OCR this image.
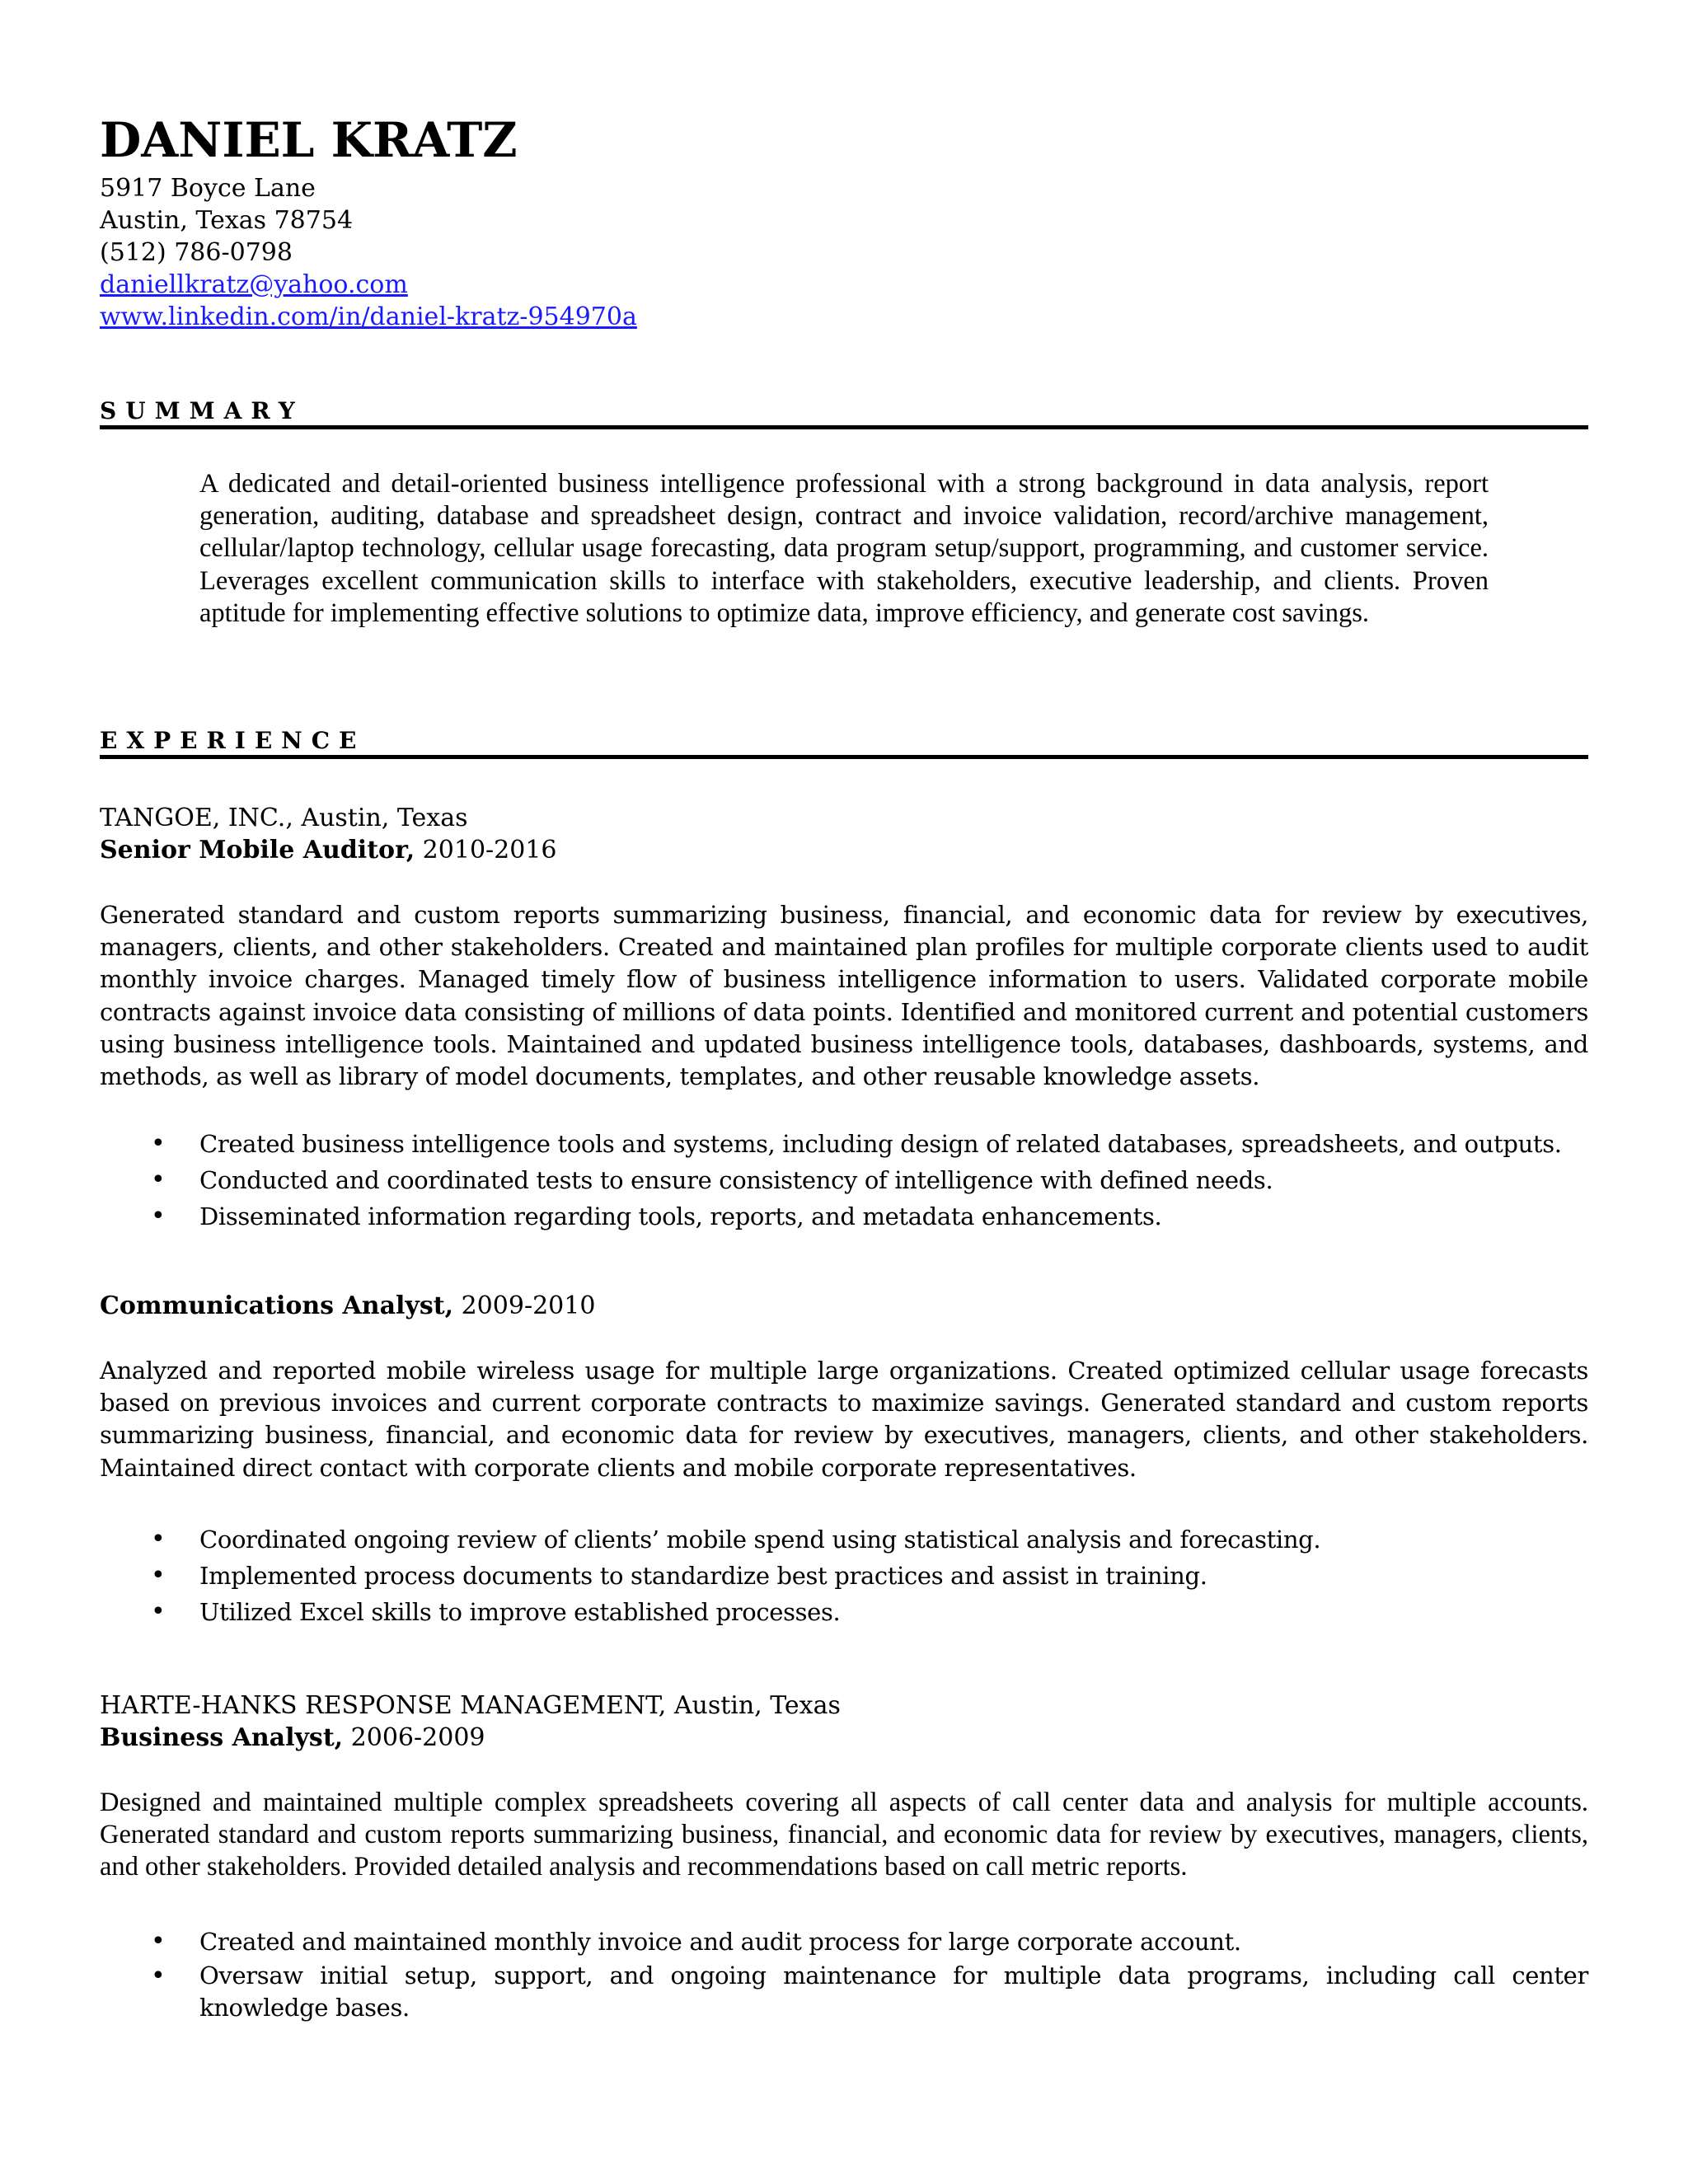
DANIEL KRATZ
5917 Boyce Lane
Austin, Texas 78754
(512) 786-0798
daniellkratz@yahoo.com
www.linkedin.com/in/daniel-kratz-954970a
SUMMARY
A dedicated and detail-oriented business intelligence professional with a strong background in data analysis, report generation, auditing, database and spreadsheet design, contract and invoice validation, record/archive management, cellular/laptop technology, cellular usage forecasting, data program setup/support, programming, and customer service. Leverages excellent communication skills to interface with stakeholders, executive leadership, and clients. Proven aptitude for implementing effective solutions to optimize data, improve efficiency, and generate cost savings.
EXPERIENCE
TANGOE, INC., Austin, Texas
Senior Mobile Auditor, 2010-2016
Generated standard and custom reports summarizing business, financial, and economic data for review by executives, managers, clients, and other stakeholders. Created and maintained plan profiles for multiple corporate clients used to audit monthly invoice charges. Managed timely flow of business intelligence information to users. Validated corporate mobile contracts against invoice data consisting of millions of data points. Identified and monitored current and potential customers using business intelligence tools. Maintained and updated business intelligence tools, databases, dashboards, systems, and methods, as well as library of model documents, templates, and other reusable knowledge assets.
• Created business intelligence tools and systems, including design of related databases, spreadsheets, and outputs.
• Conducted and coordinated tests to ensure consistency of intelligence with defined needs.
• Disseminated information regarding tools, reports, and metadata enhancements.
Communications Analyst, 2009-2010
Analyzed and reported mobile wireless usage for multiple large organizations. Created optimized cellular usage forecasts based on previous invoices and current corporate contracts to maximize savings. Generated standard and custom reports summarizing business, financial, and economic data for review by executives, managers, clients, and other stakeholders. Maintained direct contact with corporate clients and mobile corporate representatives.
• Coordinated ongoing review of clients’ mobile spend using statistical analysis and forecasting.
• Implemented process documents to standardize best practices and assist in training.
• Utilized Excel skills to improve established processes.
HARTE-HANKS RESPONSE MANAGEMENT, Austin, Texas
Business Analyst, 2006-2009
Designed and maintained multiple complex spreadsheets covering all aspects of call center data and analysis for multiple accounts. Generated standard and custom reports summarizing business, financial, and economic data for review by executives, managers, clients, and other stakeholders. Provided detailed analysis and recommendations based on call metric reports.
• Created and maintained monthly invoice and audit process for large corporate account.
• Oversaw initial setup, support, and ongoing maintenance for multiple data programs, including call center knowledge bases.
